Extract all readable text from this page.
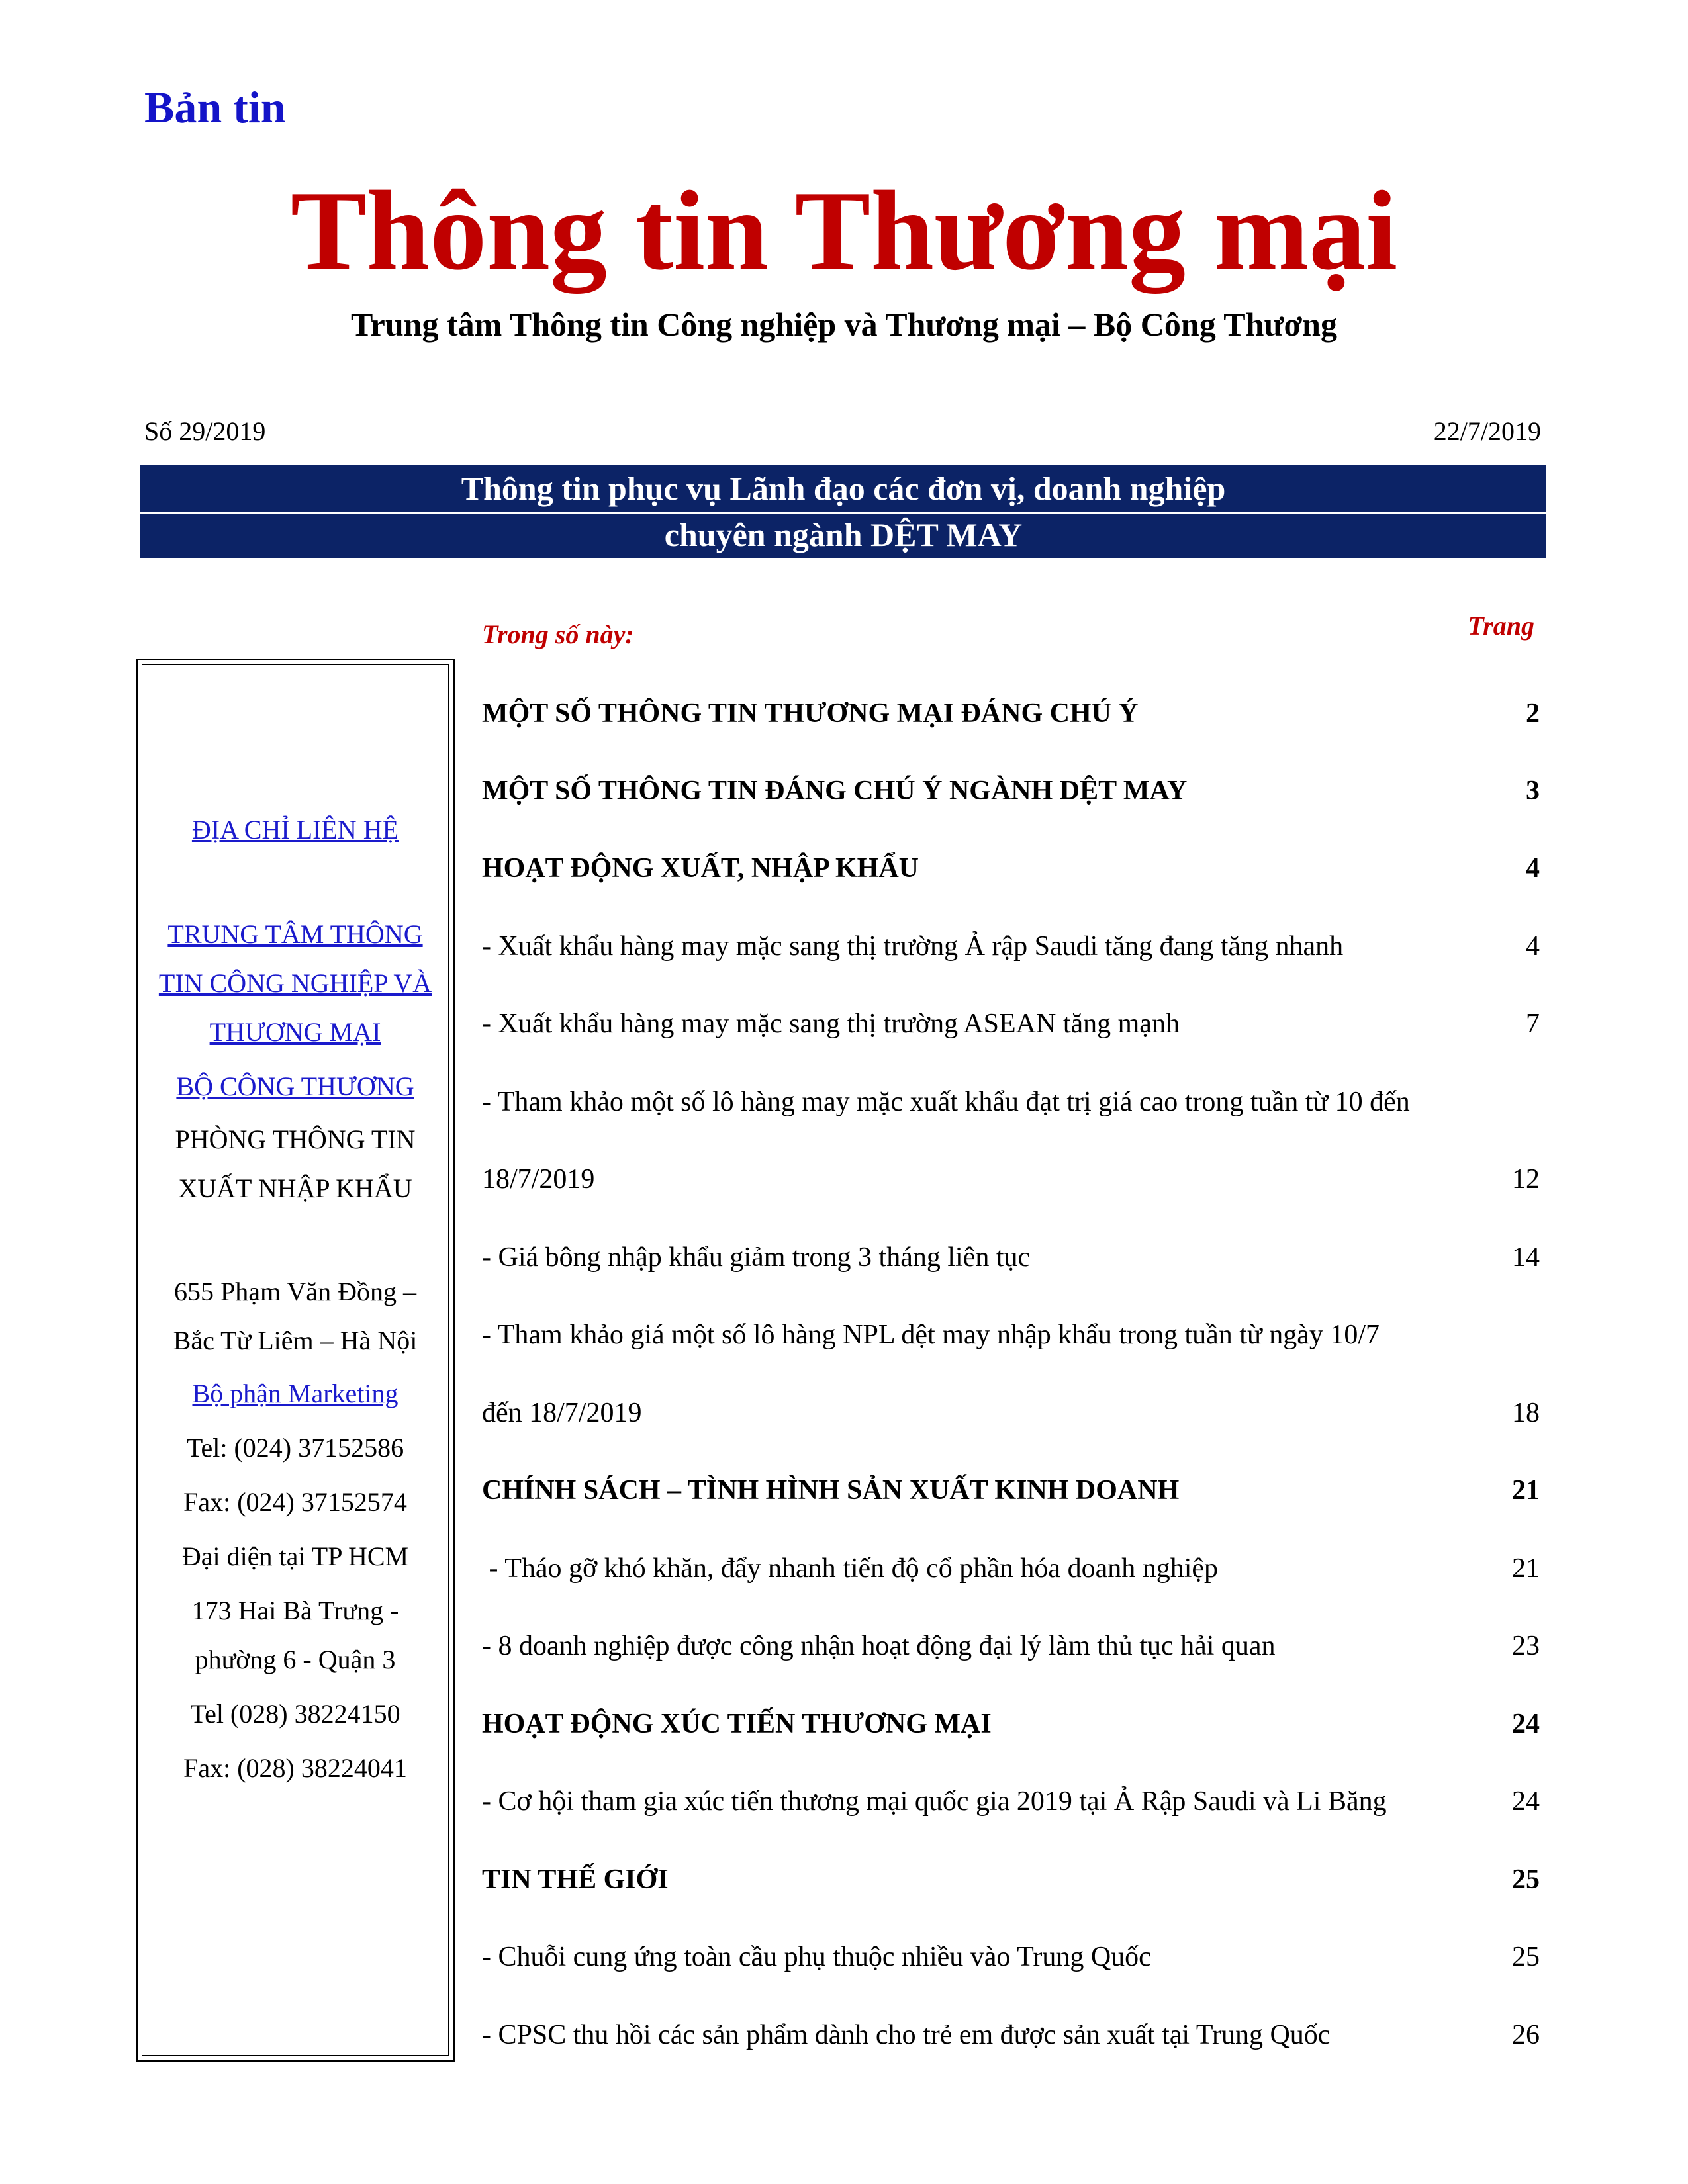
Bản tin
Thông tin Thương mại
Trung tâm Thông tin Công nghiệp và Thương mại – Bộ Công Thương
Số 29/2019	22/7/2019
Thông tin phục vụ Lãnh đạo các đơn vị, doanh nghiệp
chuyên ngành DỆT MAY
ĐỊA CHỈ LIÊN HỆ
TRUNG TÂM THÔNG
TIN CÔNG NGHIỆP VÀ
THƯƠNG MẠI
BỘ CÔNG THƯƠNG
PHÒNG THÔNG TIN
XUẤT NHẬP KHẨU
655 Phạm Văn Đồng –
Bắc Từ Liêm – Hà Nội
Bộ phận Marketing
Tel: (024) 37152586
Fax: (024) 37152574
Đại diện tại TP HCM
173 Hai Bà Trưng -
phường 6 - Quận 3
Tel (028) 38224150
Fax: (028) 38224041
Trong số này:	Trang
MỘT SỐ THÔNG TIN THƯƠNG MẠI ĐÁNG CHÚ Ý	2
MỘT SỐ THÔNG TIN ĐÁNG CHÚ Ý NGÀNH DỆT MAY	3
HOẠT ĐỘNG XUẤT, NHẬP KHẨU	4
- Xuất khẩu hàng may mặc sang thị trường Ả rập Saudi tăng đang tăng nhanh	4
- Xuất khẩu hàng may mặc sang thị trường ASEAN tăng mạnh	7
- Tham khảo một số lô hàng may mặc xuất khẩu đạt trị giá cao trong tuần từ 10 đến
18/7/2019	12
- Giá bông nhập khẩu giảm trong 3 tháng liên tục	14
- Tham khảo giá một số lô hàng NPL dệt may nhập khẩu trong tuần từ ngày 10/7
đến 18/7/2019	18
CHÍNH SÁCH – TÌNH HÌNH SẢN XUẤT KINH DOANH	21
- Tháo gỡ khó khăn, đẩy nhanh tiến độ cổ phần hóa doanh nghiệp	21
- 8 doanh nghiệp được công nhận hoạt động đại lý làm thủ tục hải quan	23
HOẠT ĐỘNG XÚC TIẾN THƯƠNG MẠI	24
- Cơ hội tham gia xúc tiến thương mại quốc gia 2019 tại Ả Rập Saudi và Li Băng	24
TIN THẾ GIỚI	25
- Chuỗi cung ứng toàn cầu phụ thuộc nhiều vào Trung Quốc	25
- CPSC thu hồi các sản phẩm dành cho trẻ em được sản xuất tại Trung Quốc	26
